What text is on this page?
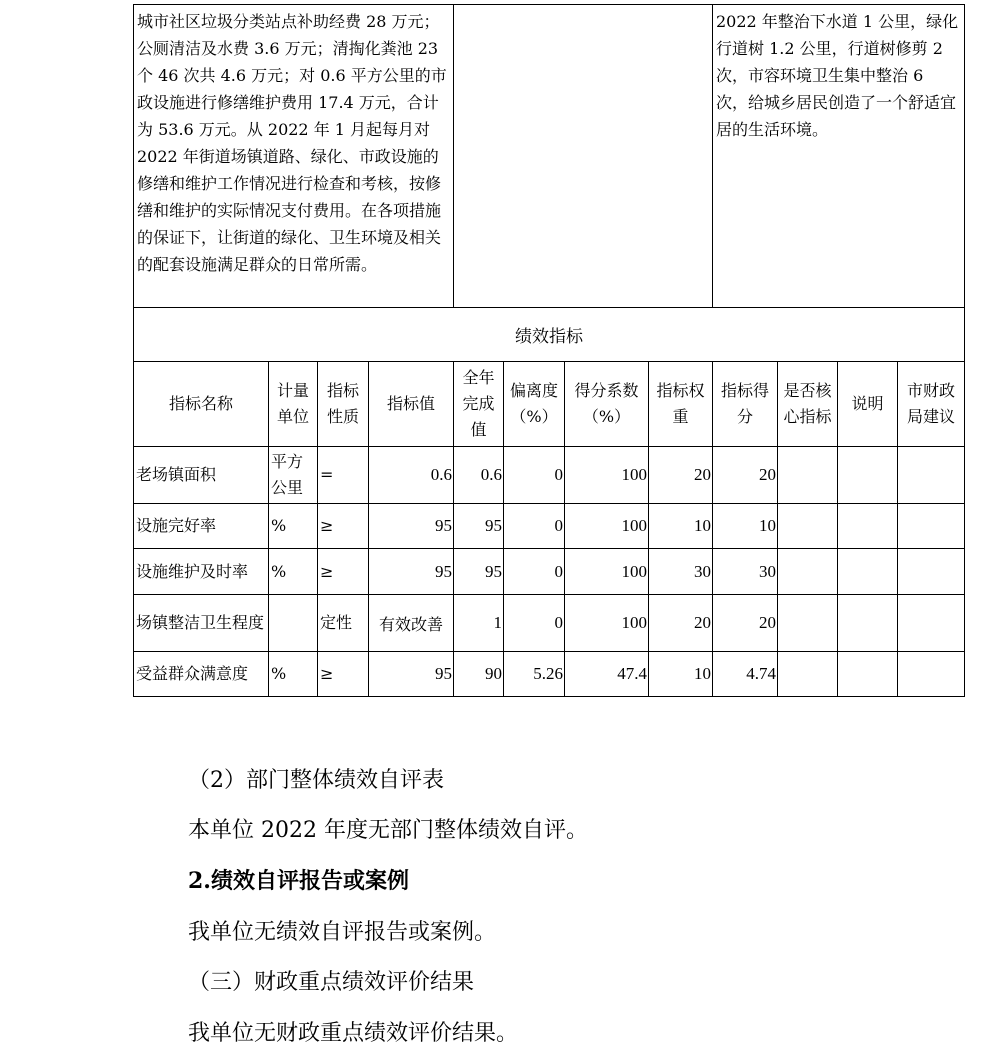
城市社区垃圾分类站点补助经费 28 万元；公厕清洁及水费 3.6 万元；清掏化粪池 23 个 46 次共 4.6 万元；对 0.6 平方公里的市政设施进行修缮维护费用 17.4 万元，合计为 53.6 万元。从 2022 年 1 月起每月对 2022 年街道场镇道路、绿化、市政设施的修缮和维护工作情况进行检查和考核，按修缮和维护的实际情况支付费用。在各项措施的保证下，让街道的绿化、卫生环境及相关的配套设施满足群众的日常所需。								2022 年整治下水道 1 公里，绿化行道树 1.2 公里，行道树修剪 2 次，市容环境卫生集中整治 6 次，给城乡居民创造了一个舒适宜居的生活环境。			
绩效指标											
指标名称	计量单位	指标性质	指标值	全年完成值	偏离度（%）	得分系数（%）	指标权重	指标得分	是否核心指标	说明	市财政局建议
老场镇面积	平方公里	=	0.6	0.6	0	100	20	20			
设施完好率	%	≥	95	95	0	100	10	10			
设施维护及时率	%	≥	95	95	0	100	30	30			
场镇整洁卫生程度		定性	有效改善	1	0	100	20	20			
受益群众满意度	%	≥	95	90	5.26	47.4	10	4.74			

（2）部门整体绩效自评表

本单位 2022 年度无部门整体绩效自评。

2.绩效自评报告或案例

我单位无绩效自评报告或案例。

（三）财政重点绩效评价结果

我单位无财政重点绩效评价结果。
